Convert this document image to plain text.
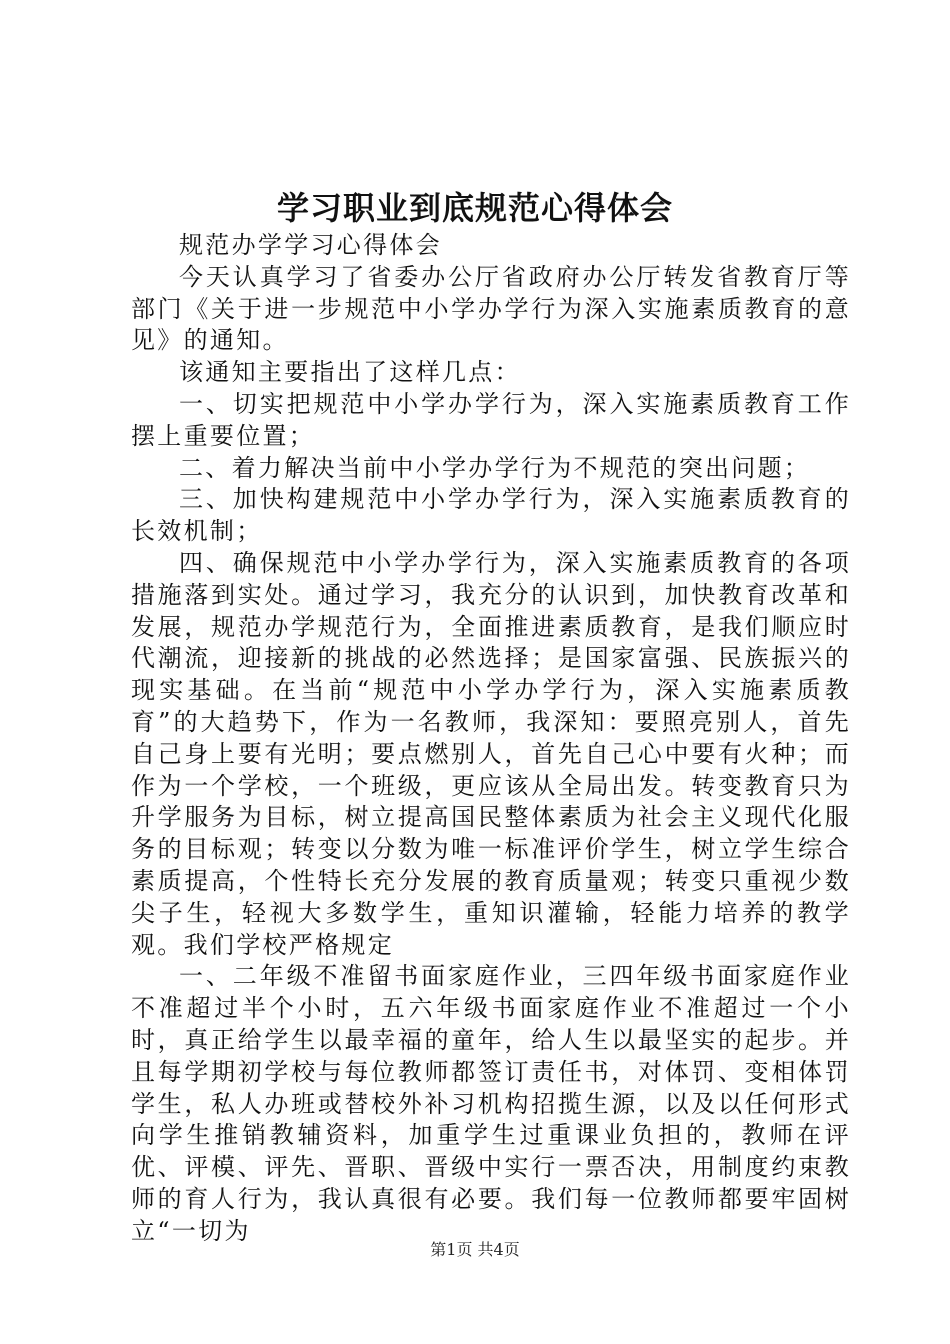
学习职业到底规范心得体会

规范办学学习心得体会

今天认真学习了省委办公厅省政府办公厅转发省教育厅等部门《关于进一步规范中小学办学行为深入实施素质教育的意见》的通知。

该通知主要指出了这样几点：

一、切实把规范中小学办学行为，深入实施素质教育工作摆上重要位置；

二、着力解决当前中小学办学行为不规范的突出问题；

三、加快构建规范中小学办学行为，深入实施素质教育的长效机制；

四、确保规范中小学办学行为，深入实施素质教育的各项措施落到实处。通过学习，我充分的认识到，加快教育改革和发展，规范办学规范行为，全面推进素质教育，是我们顺应时代潮流，迎接新的挑战的必然选择；是国家富强、民族振兴的现实基础。在当前“规范中小学办学行为，深入实施素质教育”的大趋势下，作为一名教师，我深知：要照亮别人，首先自己身上要有光明；要点燃别人，首先自己心中要有火种；而作为一个学校，一个班级，更应该从全局出发。转变教育只为升学服务为目标，树立提高国民整体素质为社会主义现代化服务的目标观；转变以分数为唯一标准评价学生，树立学生综合素质提高，个性特长充分发展的教育质量观；转变只重视少数尖子生，轻视大多数学生，重知识灌输，轻能力培养的教学观。我们学校严格规定

一、二年级不准留书面家庭作业，三四年级书面家庭作业不准超过半个小时，五六年级书面家庭作业不准超过一个小时，真正给学生以最幸福的童年，给人生以最坚实的起步。并且每学期初学校与每位教师都签订责任书，对体罚、变相体罚学生，私人办班或替校外补习机构招揽生源，以及以任何形式向学生推销教辅资料，加重学生过重课业负担的，教师在评优、评模、评先、晋职、晋级中实行一票否决，用制度约束教师的育人行为，我认真很有必要。我们每一位教师都要牢固树立“一切为

第1页 共4页
